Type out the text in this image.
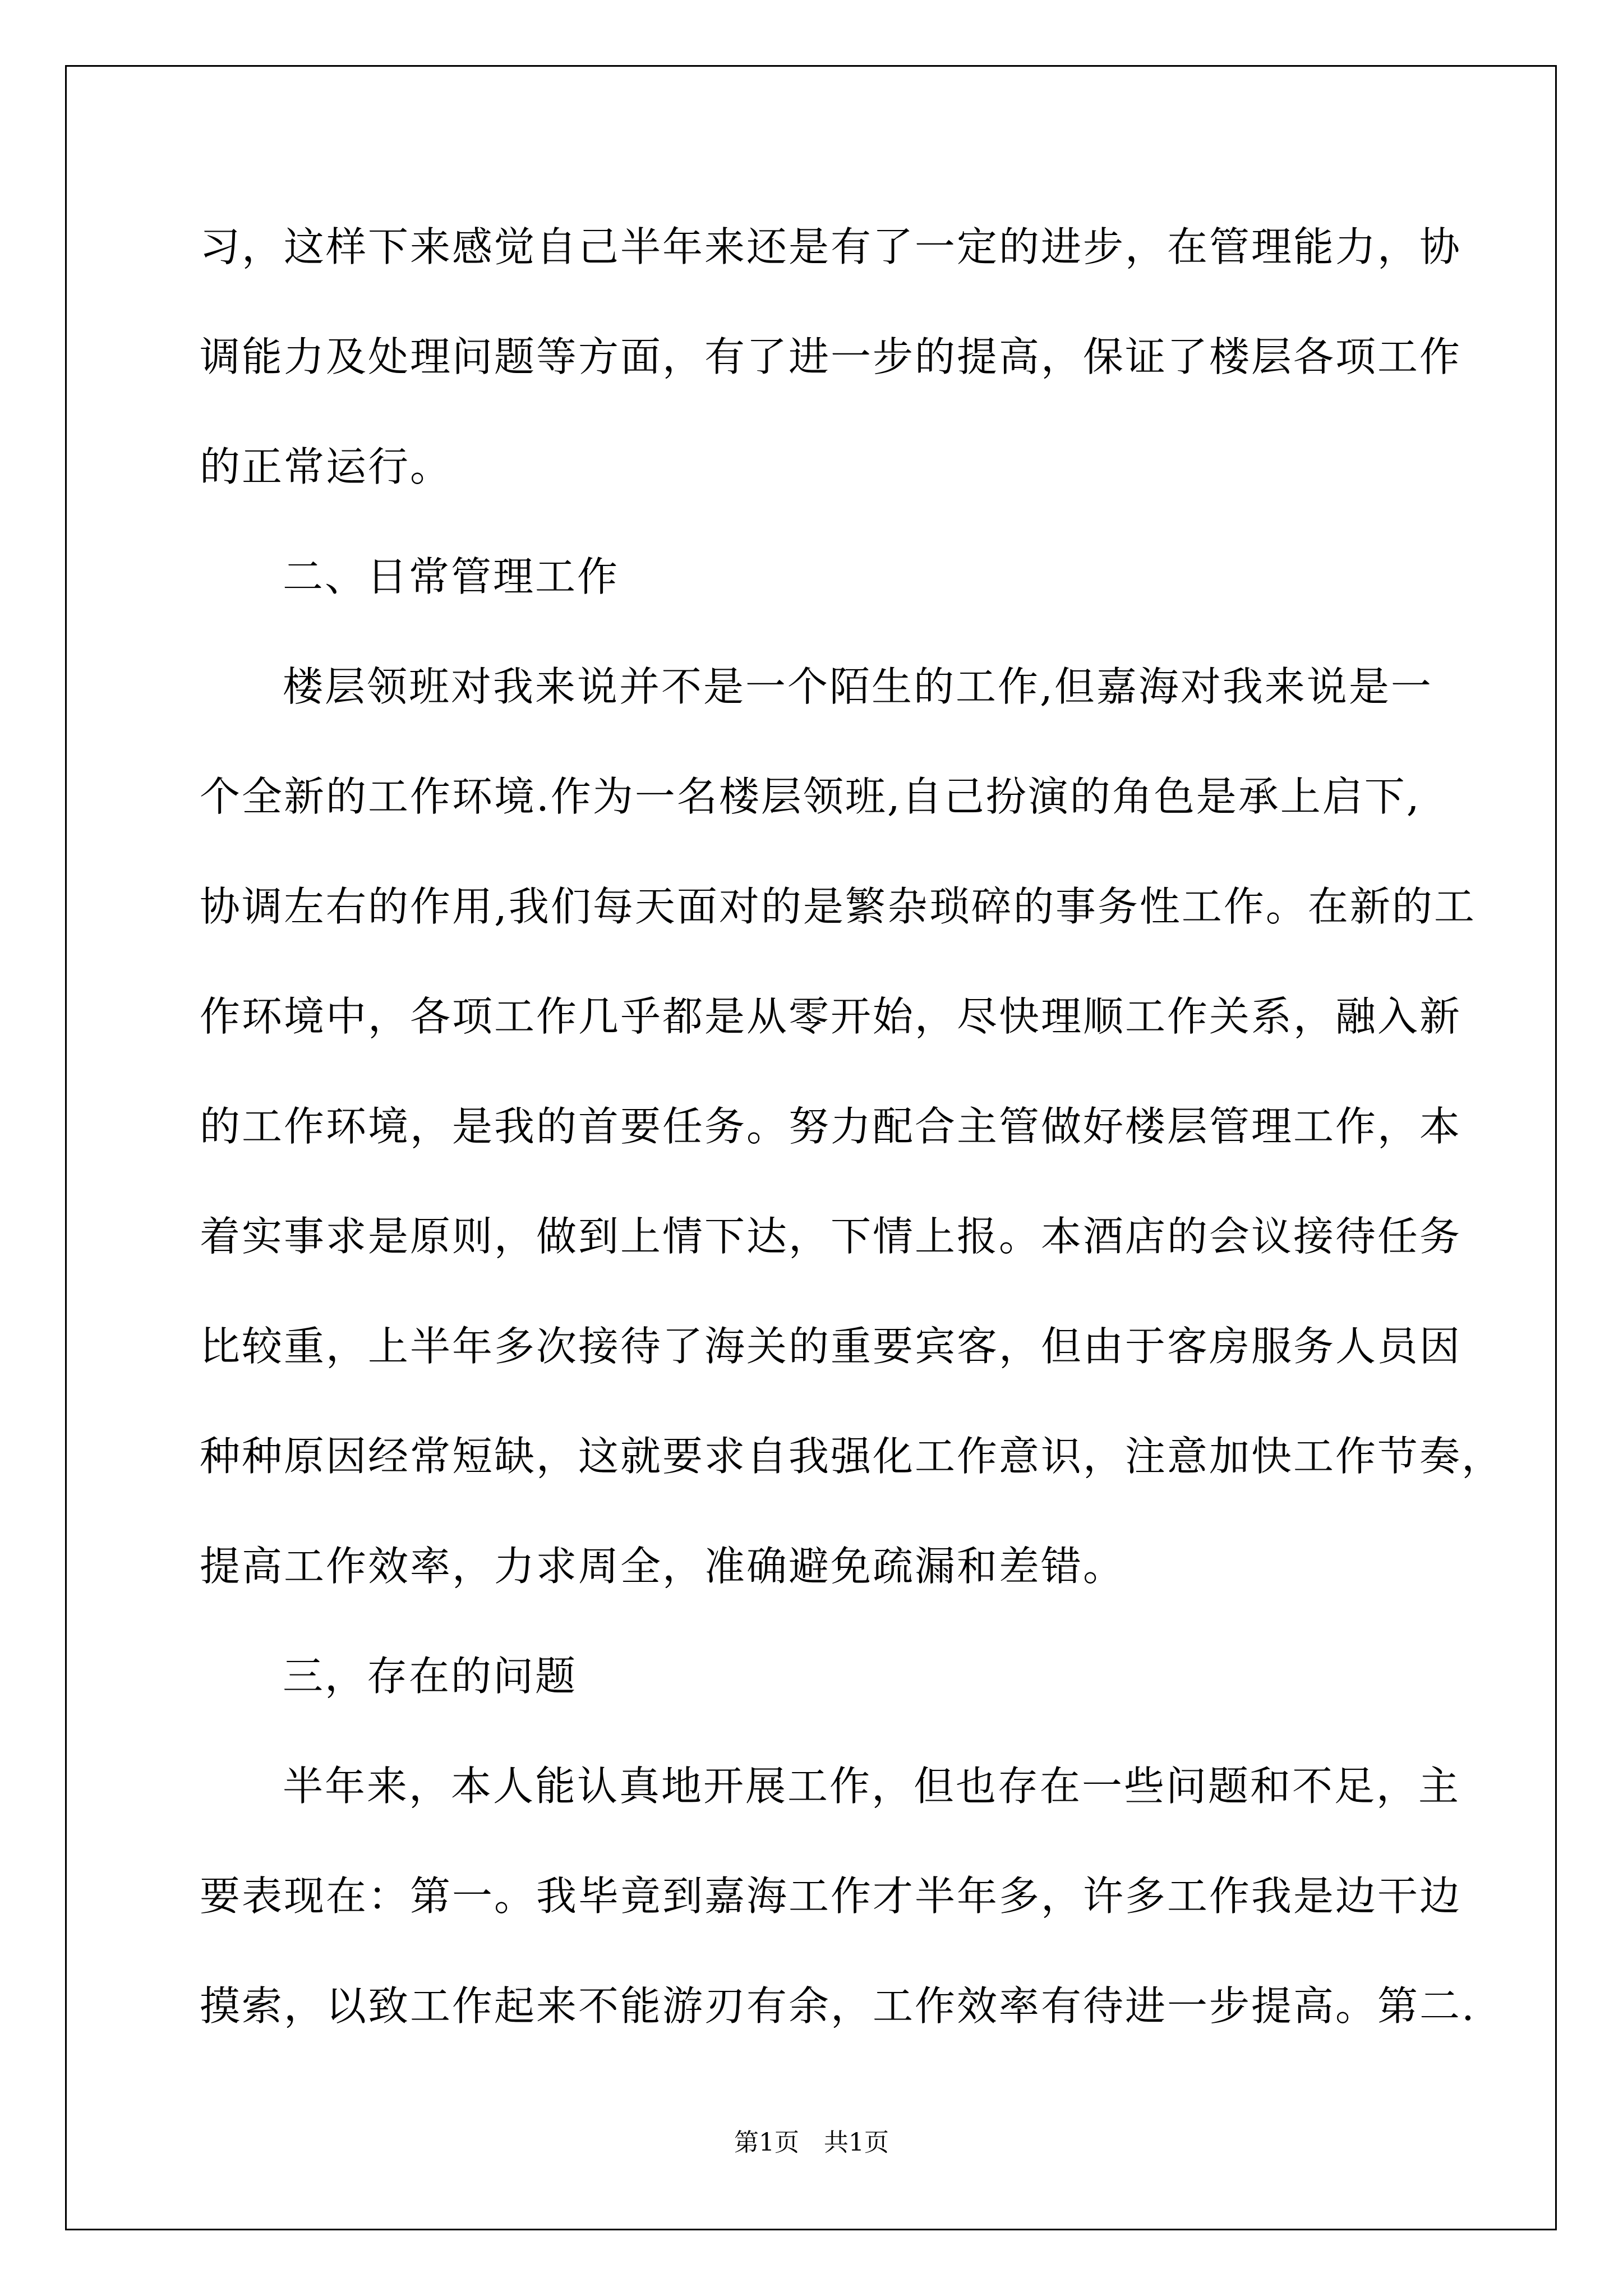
习，这样下来感觉自己半年来还是有了一定的进步，在管理能力，协
调能力及处理问题等方面，有了进一步的提高，保证了楼层各项工作
的正常运行。
二、日常管理工作
楼层领班对我来说并不是一个陌生的工作,但嘉海对我来说是一
个全新的工作环境.作为一名楼层领班,自己扮演的角色是承上启下,
协调左右的作用,我们每天面对的是繁杂琐碎的事务性工作。在新的工
作环境中，各项工作几乎都是从零开始，尽快理顺工作关系，融入新
的工作环境，是我的首要任务。努力配合主管做好楼层管理工作，本
着实事求是原则，做到上情下达，下情上报。本酒店的会议接待任务
比较重，上半年多次接待了海关的重要宾客，但由于客房服务人员因
种种原因经常短缺，这就要求自我强化工作意识，注意加快工作节奏，
提高工作效率，力求周全，准确避免疏漏和差错。
三，存在的问题
半年来，本人能认真地开展工作，但也存在一些问题和不足，主
要表现在：第一。我毕竟到嘉海工作才半年多，许多工作我是边干边
摸索，以致工作起来不能游刃有余，工作效率有待进一步提高。第二.
第1页　共1页
